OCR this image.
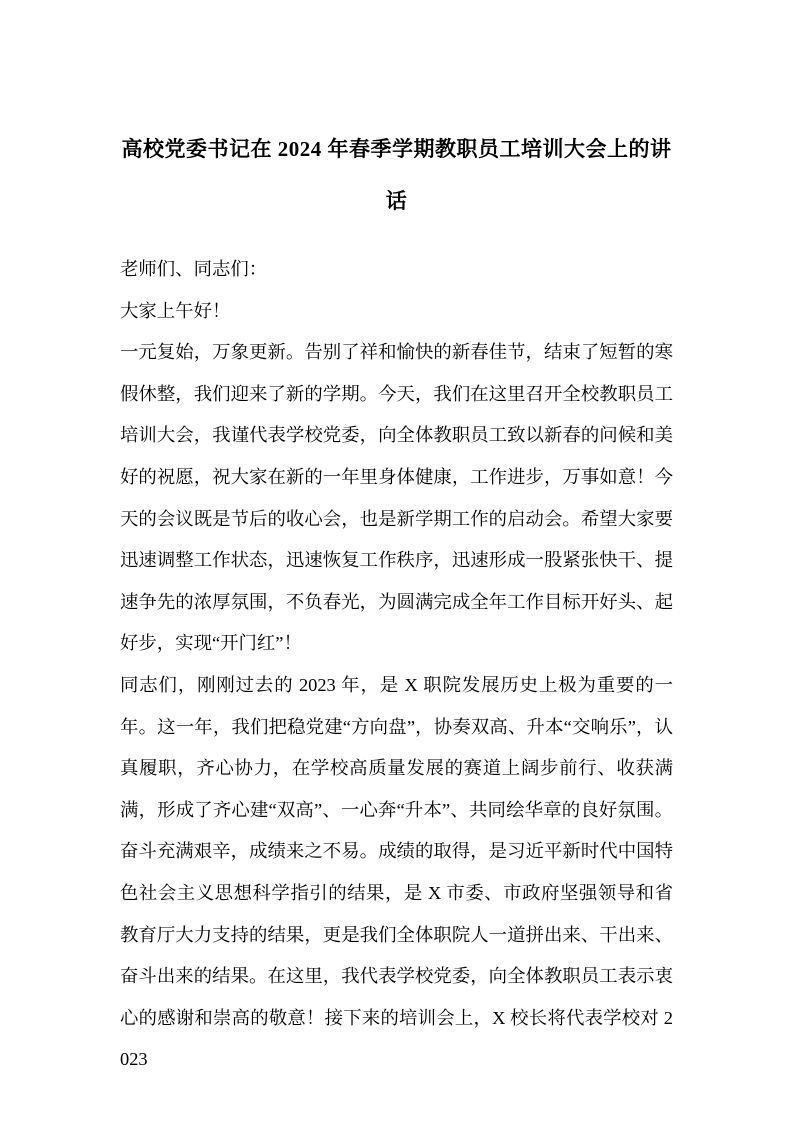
高校党委书记在 2024 年春季学期教职员工培训大会上的讲话

老师们、同志们：

大家上午好！

一元复始，万象更新。告别了祥和愉快的新春佳节，结束了短暂的寒假休整，我们迎来了新的学期。今天，我们在这里召开全校教职员工培训大会，我谨代表学校党委，向全体教职员工致以新春的问候和美好的祝愿，祝大家在新的一年里身体健康，工作进步，万事如意！今天的会议既是节后的收心会，也是新学期工作的启动会。希望大家要迅速调整工作状态，迅速恢复工作秩序，迅速形成一股紧张快干、提速争先的浓厚氛围，不负春光，为圆满完成全年工作目标开好头、起好步，实现“开门红”！

同志们，刚刚过去的 2023 年，是 X 职院发展历史上极为重要的一年。这一年，我们把稳党建“方向盘”，协奏双高、升本“交响乐”，认真履职，齐心协力，在学校高质量发展的赛道上阔步前行、收获满满，形成了齐心建“双高”、一心奔“升本”、共同绘华章的良好氛围。奋斗充满艰辛，成绩来之不易。成绩的取得，是习近平新时代中国特色社会主义思想科学指引的结果，是 X 市委、市政府坚强领导和省教育厅大力支持的结果，更是我们全体职院人一道拼出来、干出来、奋斗出来的结果。在这里，我代表学校党委，向全体教职员工表示衷心的感谢和崇高的敬意！接下来的培训会上，X 校长将代表学校对 2023
